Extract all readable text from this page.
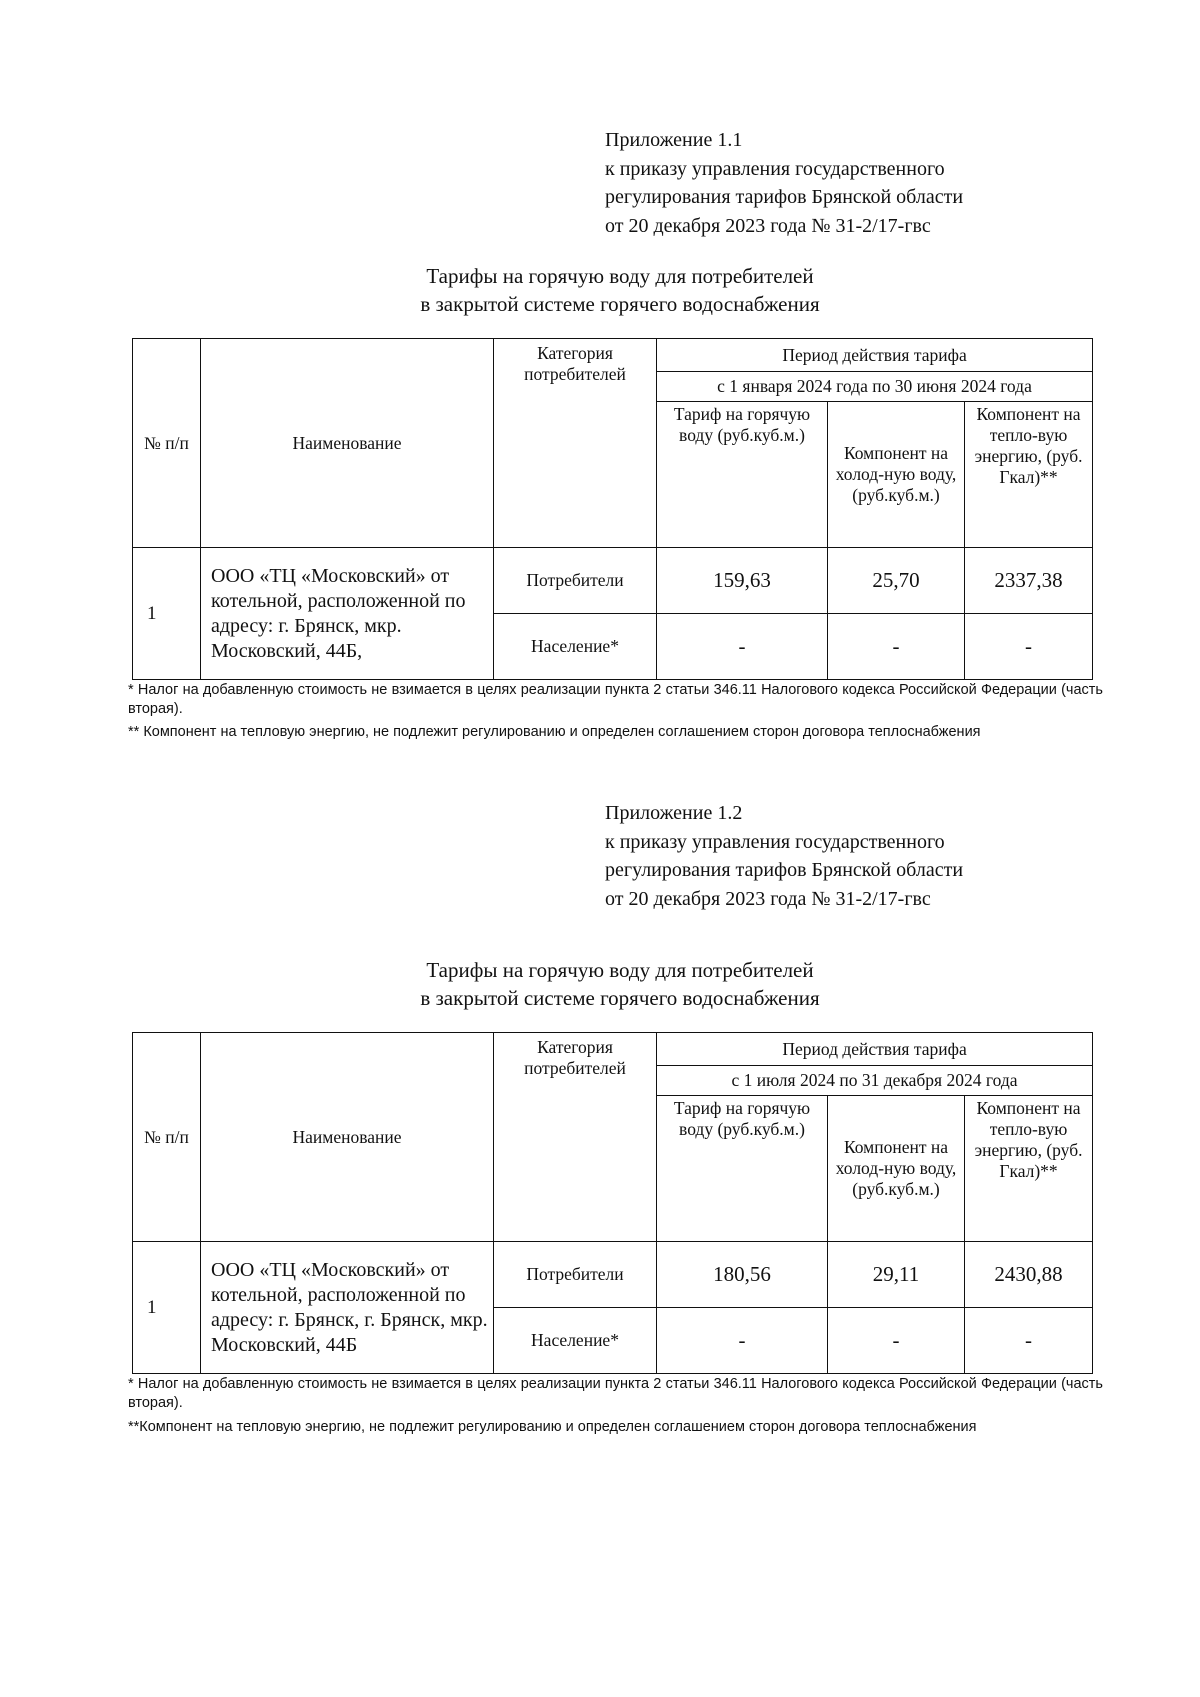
Приложение 1.1
к приказу управления государственного
регулирования тарифов Брянской области
от 20 декабря 2023 года № 31-2/17-гвс
Тарифы на горячую воду для потребителей
в закрытой системе горячего водоснабжения
№ п/п	Наименование	Категория потребителей	Период действия тарифа		
			с 1 января 2024 года по 30 июня 2024 года		
			Тариф на горячую воду (руб.куб.м.)	Компонент на холод-ную воду, (руб.куб.м.)	Компонент на тепло-вую энергию, (руб. Гкал)**
1	ООО «ТЦ «Московский» от котельной, расположенной по адресу: г. Брянск, мкр. Московский, 44Б,	Потребители	159,63	25,70	2337,38
		Население*	-	-	-
* Налог на добавленную стоимость не взимается в целях реализации пункта 2 статьи 346.11 Налогового кодекса Российской Федерации (часть вторая).
** Компонент на тепловую энергию, не подлежит регулированию и определен соглашением сторон договора теплоснабжения
Приложение 1.2
к приказу управления государственного
регулирования тарифов Брянской области
от 20 декабря 2023 года № 31-2/17-гвс
Тарифы на горячую воду для потребителей
в закрытой системе горячего водоснабжения
№ п/п	Наименование	Категория потребителей	Период действия тарифа		
			с 1 июля 2024 по 31 декабря 2024 года		
			Тариф на горячую воду (руб.куб.м.)	Компонент на холод-ную воду, (руб.куб.м.)	Компонент на тепло-вую энергию, (руб. Гкал)**
1	ООО «ТЦ «Московский» от котельной, расположенной по адресу: г. Брянск, г. Брянск, мкр. Московский, 44Б	Потребители	180,56	29,11	2430,88
		Население*	-	-	-
* Налог на добавленную стоимость не взимается в целях реализации пункта 2 статьи 346.11 Налогового кодекса Российской Федерации (часть вторая).
**Компонент на тепловую энергию, не подлежит регулированию и определен соглашением сторон договора теплоснабжения
